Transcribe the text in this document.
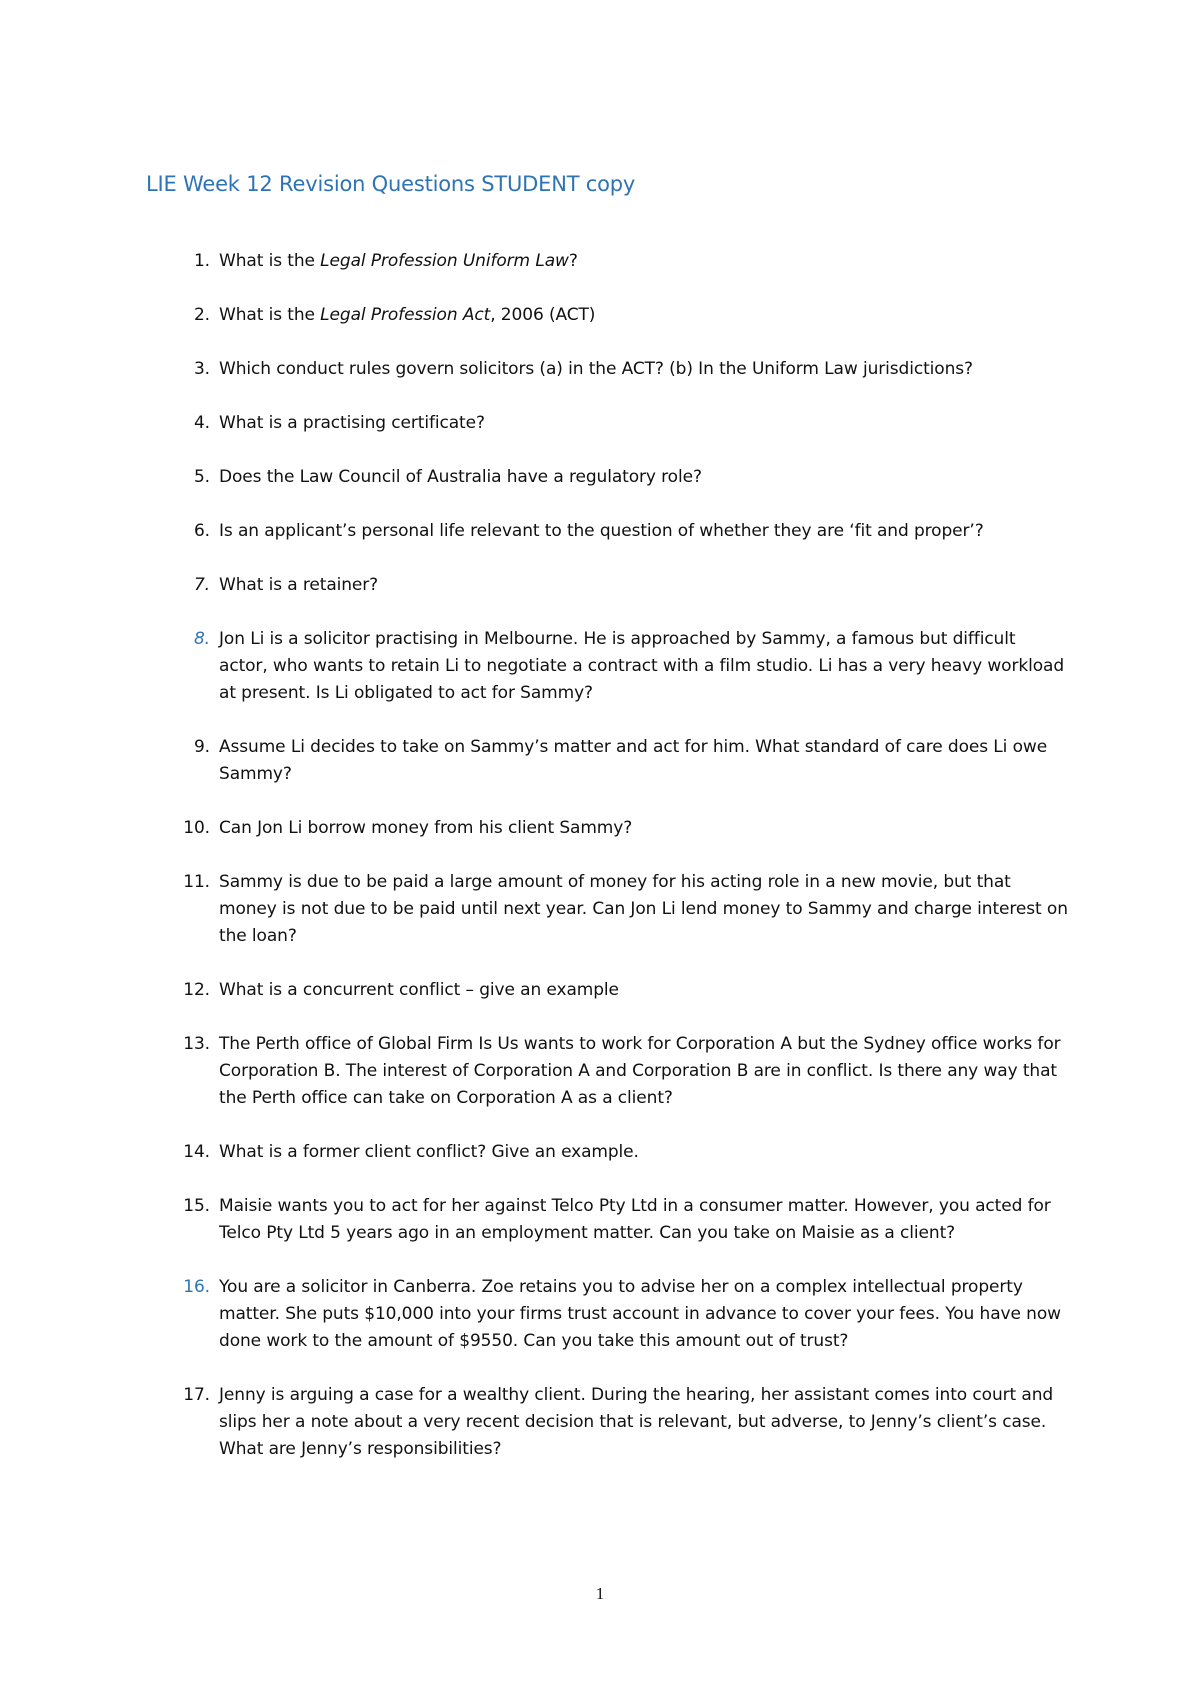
LIE Week 12 Revision Questions STUDENT copy
1. What is the Legal Profession Uniform Law?
2. What is the Legal Profession Act, 2006 (ACT)
3. Which conduct rules govern solicitors (a) in the ACT? (b) In the Uniform Law jurisdictions?
4. What is a practising certificate?
5. Does the Law Council of Australia have a regulatory role?
6. Is an applicant’s personal life relevant to the question of whether they are ‘fit and proper’?
7. What is a retainer?
8. Jon Li is a solicitor practising in Melbourne. He is approached by Sammy, a famous but difficult actor, who wants to retain Li to negotiate a contract with a film studio. Li has a very heavy workload at present. Is Li obligated to act for Sammy?
9. Assume Li decides to take on Sammy’s matter and act for him. What standard of care does Li owe Sammy?
10. Can Jon Li borrow money from his client Sammy?
11. Sammy is due to be paid a large amount of money for his acting role in a new movie, but that money is not due to be paid until next year. Can Jon Li lend money to Sammy and charge interest on the loan?
12. What is a concurrent conflict – give an example
13. The Perth office of Global Firm Is Us wants to work for Corporation A but the Sydney office works for Corporation B. The interest of Corporation A and Corporation B are in conflict. Is there any way that the Perth office can take on Corporation A as a client?
14. What is a former client conflict? Give an example.
15. Maisie wants you to act for her against Telco Pty Ltd in a consumer matter. However, you acted for Telco Pty Ltd 5 years ago in an employment matter. Can you take on Maisie as a client?
16. You are a solicitor in Canberra. Zoe retains you to advise her on a complex intellectual property matter. She puts $10,000 into your firms trust account in advance to cover your fees. You have now done work to the amount of $9550. Can you take this amount out of trust?
17. Jenny is arguing a case for a wealthy client. During the hearing, her assistant comes into court and slips her a note about a very recent decision that is relevant, but adverse, to Jenny’s client’s case. What are Jenny’s responsibilities?
1
